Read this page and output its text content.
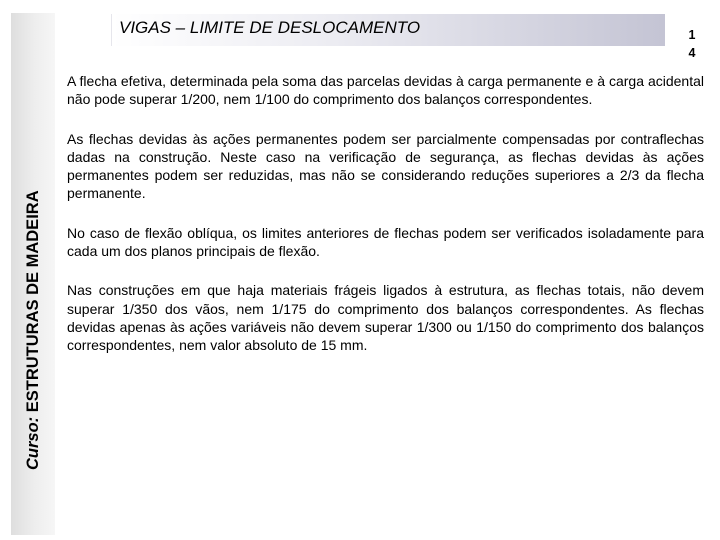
Curso: ESTRUTURAS DE MADEIRA
VIGAS – LIMITE DE DESLOCAMENTO	1
4

A flecha efetiva, determinada pela soma das parcelas devidas à carga permanente e à carga acidental não pode superar 1/200, nem 1/100 do comprimento dos balanços correspondentes.

As flechas devidas às ações permanentes podem ser parcialmente compensadas por contraflechas dadas na construção. Neste caso na verificação de segurança, as flechas devidas às ações permanentes podem ser reduzidas, mas não se considerando reduções superiores a 2/3 da flecha permanente.

No caso de flexão oblíqua, os limites anteriores de flechas podem ser verificados isoladamente para cada um dos planos principais de flexão.

Nas construções em que haja materiais frágeis ligados à estrutura, as flechas totais, não devem superar 1/350 dos vãos, nem 1/175 do comprimento dos balanços correspondentes. As flechas devidas apenas às ações variáveis não devem superar 1/300 ou 1/150 do comprimento dos balanços correspondentes, nem valor absoluto de 15 mm.
